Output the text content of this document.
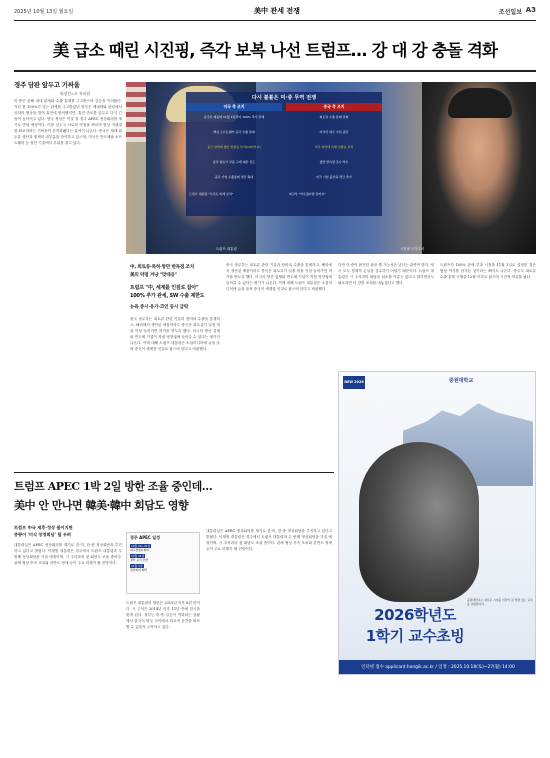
2025년 10월 13일 월요일	美中 관세 전쟁	조선일보 A3
美 급소 때린 시진핑, 즉각 보복 나선 트럼프… 강 대 강 충돌 격화
경주 담판 앞두고 기싸움
워싱턴=오 특파원
미·중은 올해 내내 관세와 수출 통제를 주고받으며 갈등을 이어왔다. 지난 봄 100%가 넘는 관세를 주고받았던 양국은 제네바와 런던에서 잇따라 협상을 벌여 휴전에 합의했지만, 휴전 만료를 앞두고 다시 긴장이 높아지고 있다. 양국 정상은 이달 말 경주 APEC 정상회의를 계기로 만날 예정이다. 이를 앞두고 서로의 약점을 찌르며 협상 지렛대를 확보하려는 기싸움이 본격화됐다는 분석이 나온다. 중국은 세계 희토류 생산과 정제의 대부분을 장악하고 있으며, 미국은 반도체와 소프트웨어 등 첨단 기술에서 우위를 쥐고 있다.
다시 불붙은 미·중 무역 전쟁
미국 측 조치	중국 측 조치
중국산 제품에 11월 1일부터 100% 추가 관세	희토류 수출 통제 강화
핵심 소프트웨어 중국 수출 통제	미국산 대두 수입 중단
중국 선박에 항만 입항료 부과(14일부터)	미국 선박에 특별 입항료 부과
중국 항공기 부품 구매 제한 검토	퀄컴 반독점 조사 착수
중국 기업 수출통제 명단 확대	미국 기업 불신뢰 명단 추가
트럼프 대통령 "우리도 비례 조치"	외교부 "싸우겠다면 끝까지"
트럼프 대통령	시진핑 국가주석
中, 희토류·특허·항만 반독점 조치
美의 약점 겨냥 "맞대응"
트럼프 "中, 세계를 인질로 잡아"
100% 추가 관세, SW 수출 제한도
뉴욕 증시·유가·코인 동시 급락
중국 상무부는 희토류 관련 기술과 장비의 수출을 통제하고, 해외에서 생산된 제품이라도 중국산 희토류가 일정 비율 이상 들어가면 허가를 받도록 했다. 미국의 방산 업체와 반도체 기업이 직접 영향권에 들어갈 수 있다는 평가가 나온다. 이에 대해 트럼프 대통령은 소셜미디어에 글을 올려 중국이 세계를 인질로 잡으려 한다고 비판했다.
중국 상무부는 희토류 관련 기술과 장비의 수출을 통제하고, 해외에서 생산된 제품이라도 중국산 희토류가 일정 비율 이상 들어가면 허가를 받도록 했다. 미국의 방산 업체와 반도체 기업이 직접 영향권에 들어갈 수 있다는 평가가 나온다. 이에 대해 트럼프 대통령은 소셜미디어에 글을 올려 중국이 세계를 인질로 잡으려 한다고 비판했다.
다만 미·중이 완전한 판을 깰 가능성은 낮다는 관측이 많다. 양국 모두 경제적 손실을 감수하기 어렵기 때문이다. 트럼프 대통령은 시 주석과의 회담을 취소할 이유는 없다고 밝히면서도 필요하면 더 강한 조치를 내놓겠다고 했다.
트럼프가 100% 관세 부과 시점을 11월 1일로 설정한 것은 협상 여지를 남겨둔 것이라는 해석도 나온다. 중국도 희토류 수출 통제 시행을 12월 이후로 잡으며 시간적 여유를 뒀다.
NEW 2026	중원대학교
2026학년도
1학기 교수초빙
중원대학교는 새로운 시대를 이끌어 갈 역량 있는 교수를 초빙합니다.
인터넷 접수 applicant.hongik.ac.kr / 일정 : 2025.10.18(토)~27(월) 14:00
트럼프 APEC 1박 2일 방한 조율 중인데…
美中 안 만나면 韓美·韓中 회담도 영향
트럼프 中국 제후·정상 불이지면
중량이 '미식 장정회담' 될 우려
대통령실은 APEC 정상회의를 계기로 한·미, 한·중 정상회담을 추진하고 있다고 밝혔다. 이재명 대통령은 경주에서 트럼프 대통령과 두 번째 정상회담을 가질 예정이며, 시 주석과의 첫 회담도 조율 중이다. 관세 협상 후속 조치와 한반도 정세 등이 주요 의제가 될 전망이다.
경주 APEC 일정
10월 29~31일
최고경영자회의
10월 31일
정상 공식 만찬
11월 1일
정상회의 폐막
트럼프 대통령의 방한은 2019년 이후 6년 만이다. 시 주석은 2014년 이후 11년 만에 한국을 찾게 된다. 정부는 미·중 갈등이 격화되는 상황에서 한국이 양국 사이에서 외교적 공간을 확보할 수 있을지 주목하고 있다.
대통령실은 APEC 정상회의를 계기로 한·미, 한·중 정상회담을 추진하고 있다고 밝혔다. 이재명 대통령은 경주에서 트럼프 대통령과 두 번째 정상회담을 가질 예정이며, 시 주석과의 첫 회담도 조율 중이다. 관세 협상 후속 조치와 한반도 정세 등이 주요 의제가 될 전망이다.
